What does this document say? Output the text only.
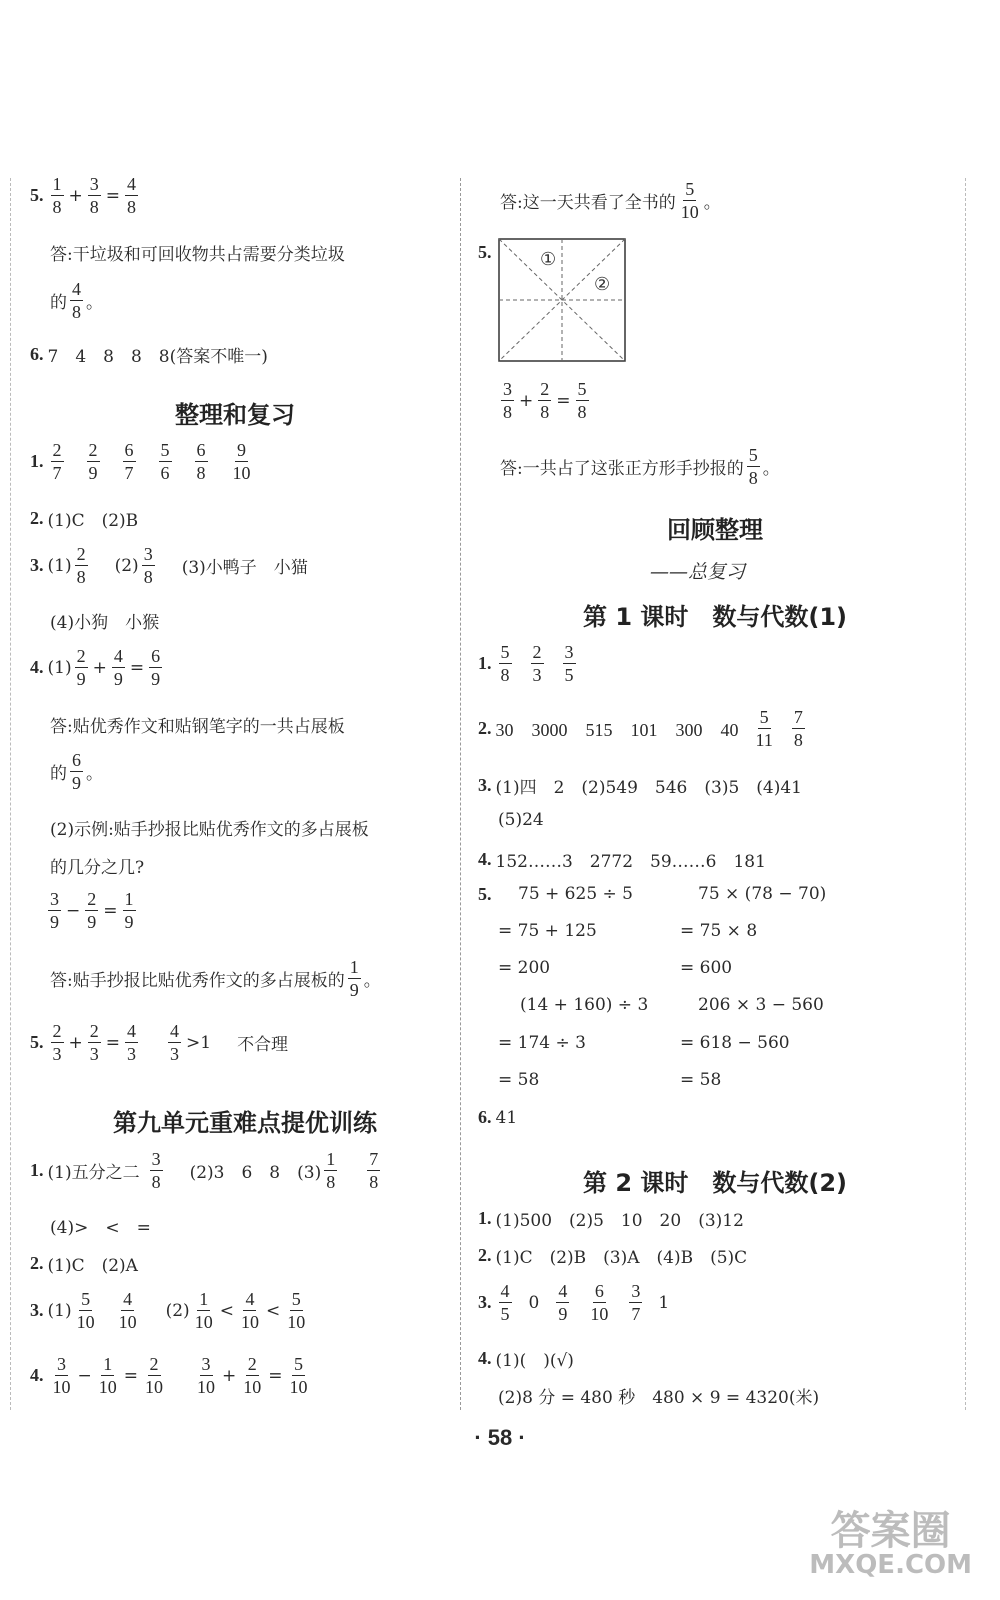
5. $\frac{1}{8} + \frac{3}{8} = \frac{4}{8}$
答:干垃圾和可回收物共占需要分类垃圾
的 $\frac{4}{8}$ 。
6. 7　4　8　8　8(答案不唯一)
整理和复习
1. $\frac{2}{7} \frac{2}{9} \frac{6}{7} \frac{5}{6} \frac{6}{8} \frac{9}{10}$
2. (1)C　(2)B
3. $(1) \frac{2}{8} (2) \frac{3}{8} (3)$小鸭子　小猫
(4)小狗　小猴
4. $(1) \frac{2}{9} + \frac{4}{9} = \frac{6}{9}$
答:贴优秀作文和贴钢笔字的一共占展板
的 $\frac{6}{9}$ 。
(2)示例:贴手抄报比贴优秀作文的多占展板
的几分之几?
$\frac{3}{9} - \frac{2}{9} = \frac{1}{9}$
答:贴手抄报比贴优秀作文的多占展板的 $\frac{1}{9}$ 。
5. $\frac{2}{3} + \frac{2}{3} = \frac{4}{3} \frac{4}{3} >1$ 不合理
第九单元重难点提优训练
1. (1)五分之二 $\frac{3}{8} (2)3$　6　8　$(3) \frac{1}{8} \frac{7}{8}$
(4)>　<　=
2. (1)C　(2)A
3. $(1) \frac{5}{10} \frac{4}{10} (2) \frac{1}{10} < \frac{4}{10} < \frac{5}{10}$
4. $\frac{3}{10} - \frac{1}{10} = \frac{2}{10} \frac{3}{10} + \frac{2}{10} = \frac{5}{10}$
答:这一天共看了全书的 $\frac{5}{10}$ 。
5.	①
②
$\frac{3}{8} + \frac{2}{8} = \frac{5}{8}$
答:一共占了这张正方形手抄报的 $\frac{5}{8}$ 。
回顾整理
——总复习
第 1 课时　数与代数(1)
1. $\frac{5}{8} \frac{2}{3} \frac{3}{5}$
2. 30　3000　515　101　300　$40 \frac{5}{11} \frac{7}{8}$
3. (1)四　2　(2)549　546　(3)5　(4)41
(5)24
4. 152……3　2772　59……6　181
5. 75 + 625 ÷ 5
= 75 + 125
= 200
(14 + 160) ÷ 3
= 174 ÷ 3
= 58
75 × (78 − 70)
= 75 × 8
= 600
206 × 3 − 560
= 618 − 560
= 58
6. 41
第 2 课时　数与代数(2)
1. (1)500　(2)5　10　20　(3)12
2. (1)C　(2)B　(3)A　(4)B　(5)C
3. $\frac{4}{5} 0 \frac{4}{9} \frac{6}{10} \frac{3}{7} 1$
4. (1)(　)(√)
(2)8 分 = 480 秒　480 × 9 = 4320(米)
· 58 ·
答案圈
MXQE.COM
